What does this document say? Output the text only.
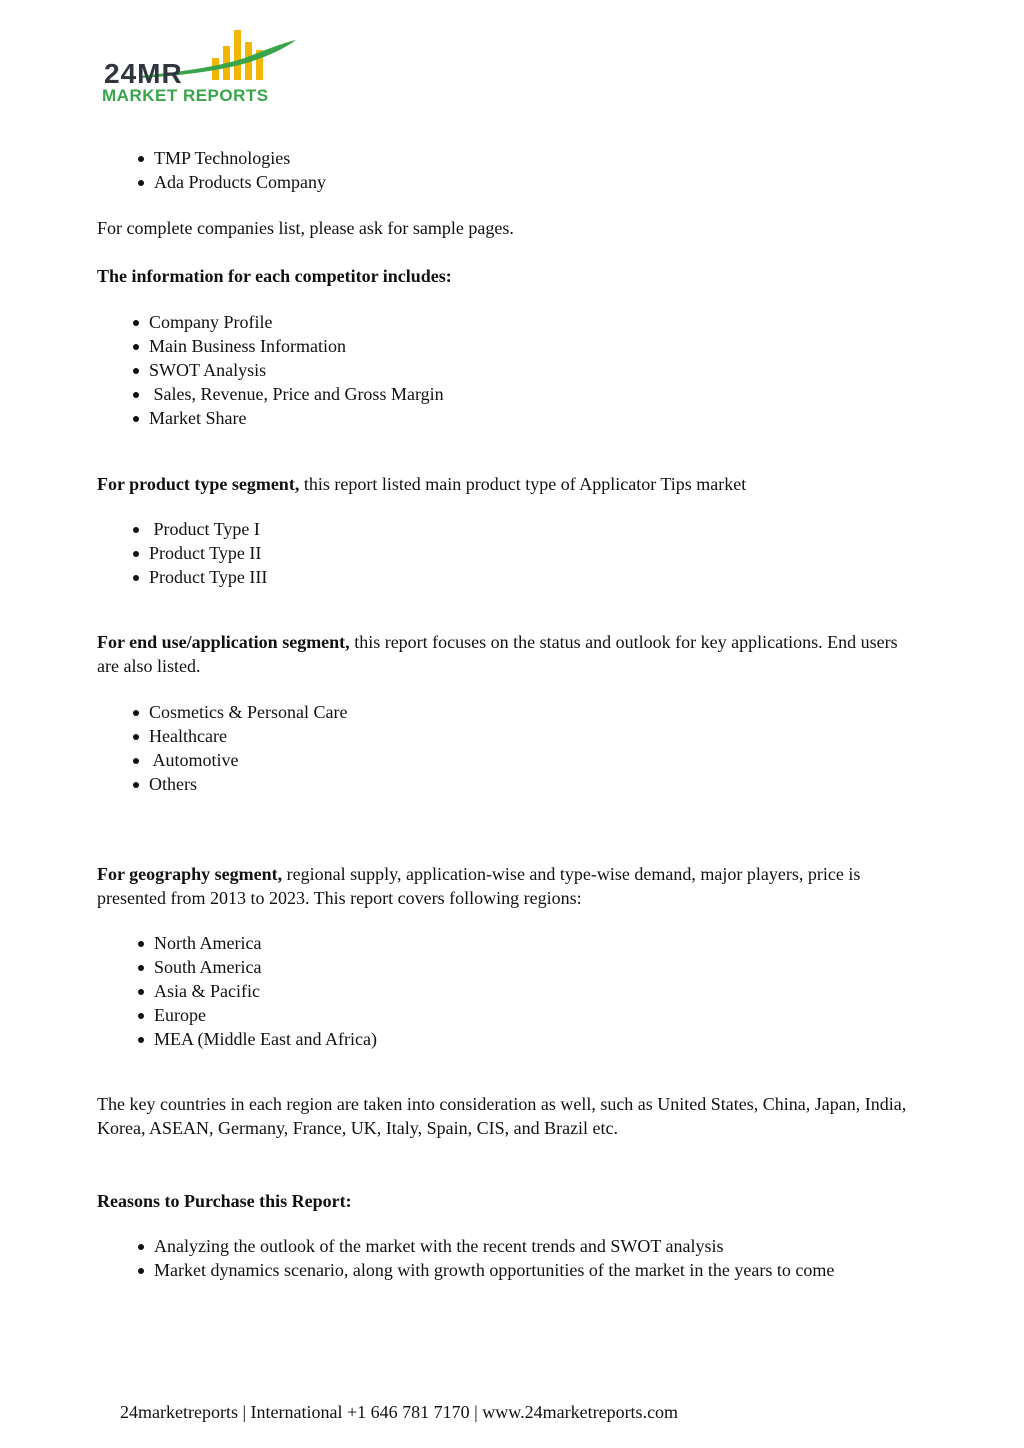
24MR
MARKET REPORTS
TMP Technologies
Ada Products Company

For complete companies list, please ask for sample pages.

The information for each competitor includes:

Company Profile
Main Business Information
SWOT Analysis
Sales, Revenue, Price and Gross Margin
Market Share

For product type segment, this report listed main product type of Applicator Tips market

Product Type I
Product Type II
Product Type III

For end use/application segment, this report focuses on the status and outlook for key applications. End users are also listed.

Cosmetics & Personal Care
Healthcare
Automotive
Others

For geography segment, regional supply, application-wise and type-wise demand, major players, price is presented from 2013 to 2023. This report covers following regions:

North America
South America
Asia & Pacific
Europe
MEA (Middle East and Africa)

The key countries in each region are taken into consideration as well, such as United States, China, Japan, India, Korea, ASEAN, Germany, France, UK, Italy, Spain, CIS, and Brazil etc.

Reasons to Purchase this Report:

Analyzing the outlook of the market with the recent trends and SWOT analysis
Market dynamics scenario, along with growth opportunities of the market in the years to come
24marketreports | International +1 646 781 7170 | www.24marketreports.com
